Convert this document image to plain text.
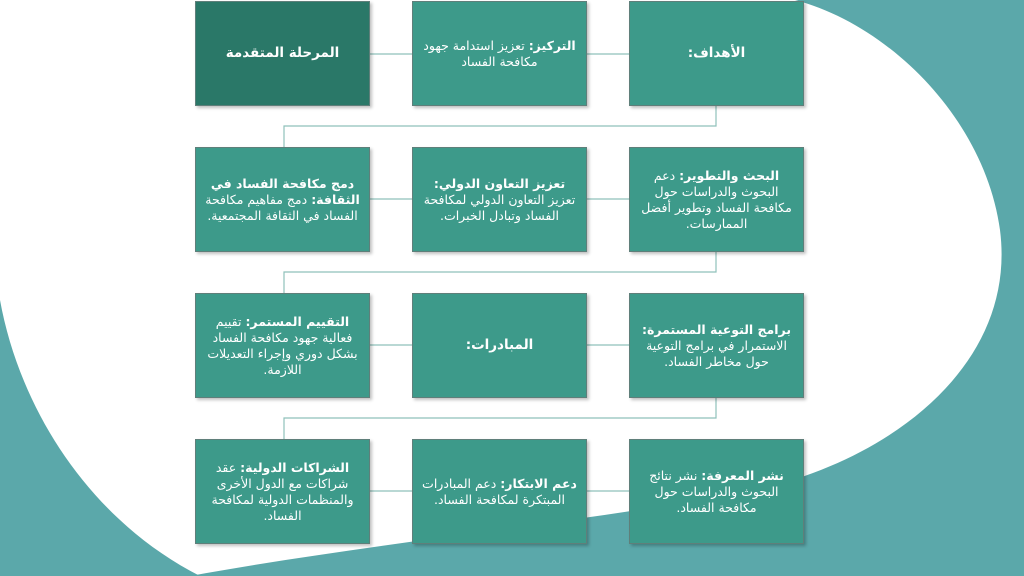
الأهداف:
التركيز: تعزيز استدامة جهود مكافحة الفساد
المرحلة المتقدمة
البحث والتطوير: دعم البحوث والدراسات حول مكافحة الفساد وتطوير أفضل الممارسات.
تعزيز التعاون الدولي: تعزيز التعاون الدولي لمكافحة الفساد وتبادل الخبرات.
دمج مكافحة الفساد في الثقافة: دمج مفاهيم مكافحة الفساد في الثقافة المجتمعية.
برامج التوعية المستمرة: الاستمرار في برامج التوعية حول مخاطر الفساد.
المبادرات:
التقييم المستمر: تقييم فعالية جهود مكافحة الفساد بشكل دوري وإجراء التعديلات اللازمة.
نشر المعرفة: نشر نتائج البحوث والدراسات حول مكافحة الفساد.
دعم الابتكار: دعم المبادرات المبتكرة لمكافحة الفساد.
الشراكات الدولية: عقد شراكات مع الدول الأخرى والمنظمات الدولية لمكافحة الفساد.
